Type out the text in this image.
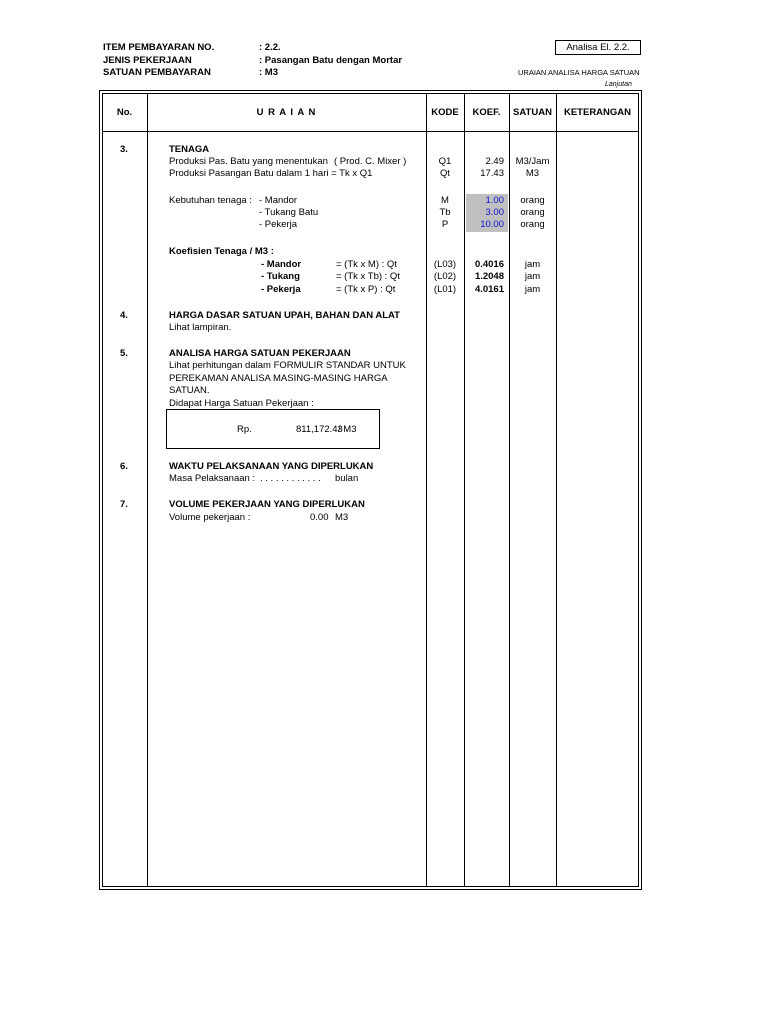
ITEM PEMBAYARAN NO.	: 2.2.
JENIS PEKERJAAN	: Pasangan Batu dengan Mortar
SATUAN PEMBAYARAN	: M3
Analisa El. 2.2.
URAIAN ANALISA HARGA SATUAN
Lanjutan
No.	U R A I A N	KODE	KOEF.	SATUAN	KETERANGAN
3.	TENAGA
Produksi Pas. Batu yang menentukan ( Prod. C. Mixer )	Q1	2.49	M3/Jam
Produksi Pasangan Batu dalam 1 hari = Tk x Q1	Qt	17.43	M3
Kebutuhan tenaga : - Mandor	M	1.00	orang
- Tukang Batu	Tb	3.00	orang
- Pekerja	P	10.00	orang
Koefisien Tenaga / M3 :
- Mandor	= (Tk x M) : Qt	(L03)	0.4016	jam
- Tukang	= (Tk x Tb) : Qt	(L02)	1.2048	jam
- Pekerja	= (Tk x P) : Qt	(L01)	4.0161	jam
4.	HARGA DASAR SATUAN UPAH, BAHAN DAN ALAT
Lihat lampiran.
5.	ANALISA HARGA SATUAN PEKERJAAN
Lihat perhitungan dalam FORMULIR STANDAR UNTUK
PEREKAMAN ANALISA MASING-MASING HARGA
SATUAN.
Didapat Harga Satuan Pekerjaan :
Rp.	811,172.43
/ M3
6.	WAKTU PELAKSANAAN YANG DIPERLUKAN
Masa Pelaksanaan : . . . . . . . . . . . . bulan
7.	VOLUME PEKERJAAN YANG DIPERLUKAN
Volume pekerjaan :	0.00 M3
